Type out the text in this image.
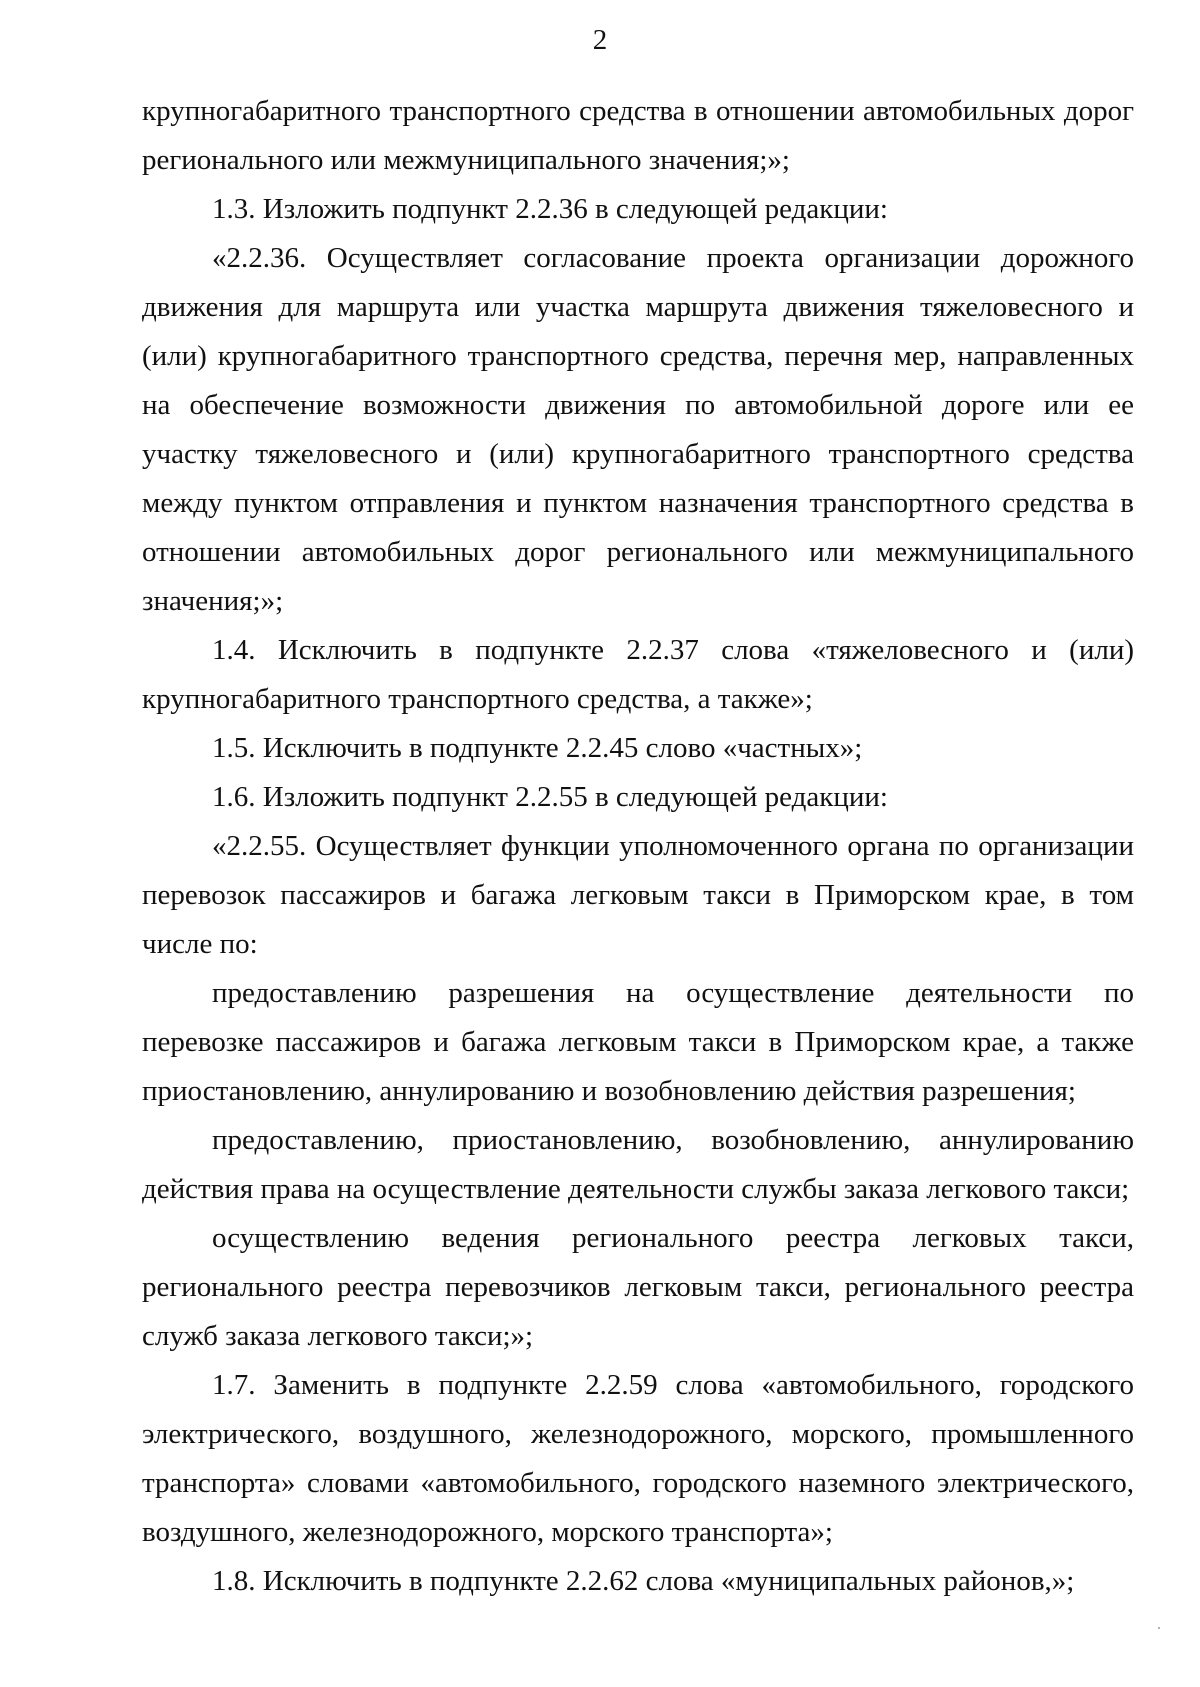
2

крупногабаритного транспортного средства в отношении автомобильных дорог регионального или межмуниципального значения;»;

1.3. Изложить подпункт 2.2.36 в следующей редакции:

«2.2.36. Осуществляет согласование проекта организации дорожного движения для маршрута или участка маршрута движения тяжеловесного и (или) крупногабаритного транспортного средства, перечня мер, направленных на обеспечение возможности движения по автомобильной дороге или ее участку тяжеловесного и (или) крупногабаритного транспортного средства между пунктом отправления и пунктом назначения транспортного средства в отношении автомобильных дорог регионального или межмуниципального значения;»;

1.4. Исключить в подпункте 2.2.37 слова «тяжеловесного и (или) крупногабаритного транспортного средства, а также»;

1.5. Исключить в подпункте 2.2.45 слово «частных»;

1.6. Изложить подпункт 2.2.55 в следующей редакции:

«2.2.55. Осуществляет функции уполномоченного органа по организации перевозок пассажиров и багажа легковым такси в Приморском крае, в том числе по:

предоставлению разрешения на осуществление деятельности по перевозке пассажиров и багажа легковым такси в Приморском крае, а также приостановлению, аннулированию и возобновлению действия разрешения;

предоставлению, приостановлению, возобновлению, аннулированию действия права на осуществление деятельности службы заказа легкового такси;

осуществлению ведения регионального реестра легковых такси, регионального реестра перевозчиков легковым такси, регионального реестра служб заказа легкового такси;»;

1.7. Заменить в подпункте 2.2.59 слова «автомобильного, городского электрического, воздушного, железнодорожного, морского, промышленного транспорта» словами «автомобильного, городского наземного электрического, воздушного, железнодорожного, морского транспорта»;

1.8. Исключить в подпункте 2.2.62 слова «муниципальных районов,»;
